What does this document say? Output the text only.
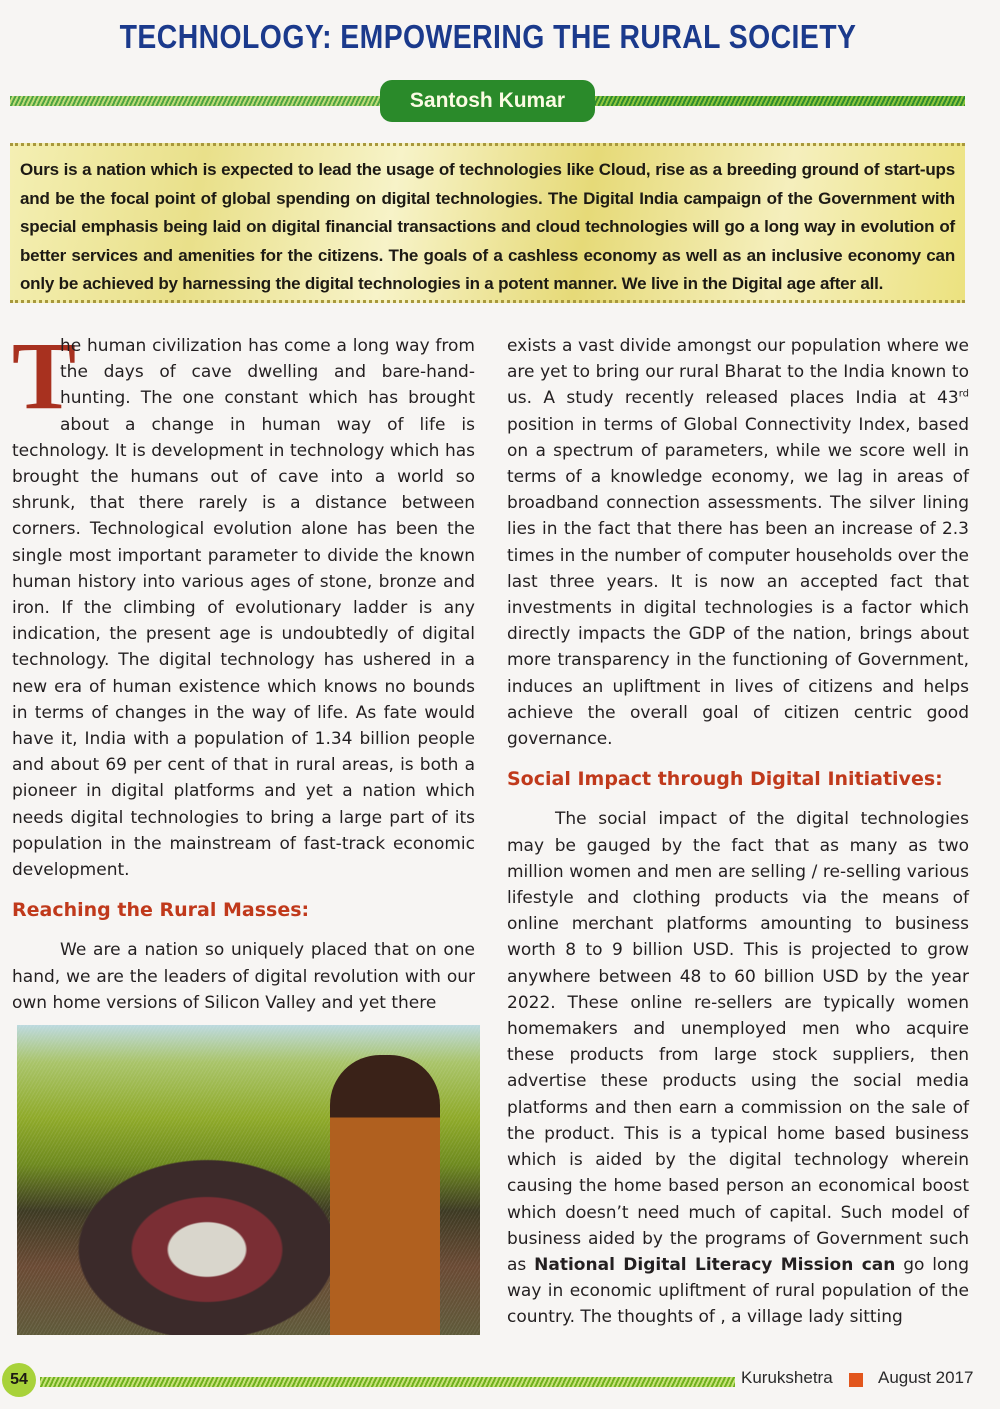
TECHNOLOGY: EMPOWERING THE RURAL SOCIETY
Santosh Kumar

Ours is a nation which is expected to lead the usage of technologies like Cloud, rise as a breeding ground of start-ups and be the focal point of global spending on digital technologies. The Digital India campaign of the Government with special emphasis being laid on digital financial transactions and cloud technologies will go a long way in evolution of better services and amenities for the citizens. The goals of a cashless economy as well as an inclusive economy can only be achieved by harnessing the digital technologies in a potent manner. We live in the Digital age after all.

T
he human civilization has come a long way from the days of cave dwelling and bare-hand-hunting. The one constant which has brought about a change in human way of life is technology. It is development in technology which has brought the humans out of cave into a world so shrunk, that there rarely is a distance between corners. Technological evolution alone has been the single most important parameter to divide the known human history into various ages of stone, bronze and iron. If the climbing of evolutionary ladder is any indication, the present age is undoubtedly of digital technology. The digital technology has ushered in a new era of human existence which knows no bounds in terms of changes in the way of life. As fate would have it, India with a population of 1.34 billion people and about 69 per cent of that in rural areas, is both a pioneer in digital platforms and yet a nation which needs digital technologies to bring a large part of its population in the mainstream of fast-track economic development.

Reaching the Rural Masses:

We are a nation so uniquely placed that on one hand, we are the leaders of digital revolution with our own home versions of Silicon Valley and yet there

exists a vast divide amongst our population where we are yet to bring our rural Bharat to the India known to us. A study recently released places India at 43rd position in terms of Global Connectivity Index, based on a spectrum of parameters, while we score well in terms of a knowledge economy, we lag in areas of broadband connection assessments. The silver lining lies in the fact that there has been an increase of 2.3 times in the number of computer households over the last three years. It is now an accepted fact that investments in digital technologies is a factor which directly impacts the GDP of the nation, brings about more transparency in the functioning of Government, induces an upliftment in lives of citizens and helps achieve the overall goal of citizen centric good governance.

Social Impact through Digital Initiatives:

The social impact of the digital technologies may be gauged by the fact that as many as two million women and men are selling / re-selling various lifestyle and clothing products via the means of online merchant platforms amounting to business worth 8 to 9 billion USD. This is projected to grow anywhere between 48 to 60 billion USD by the year 2022. These online re-sellers are typically women homemakers and unemployed men who acquire these products from large stock suppliers, then advertise these products using the social media platforms and then earn a commission on the sale of the product. This is a typical home based business which is aided by the digital technology wherein causing the home based person an economical boost which doesn’t need much of capital. Such model of business aided by the programs of Government such as National Digital Literacy Mission can go long way in economic upliftment of rural population of the country. The thoughts of , a village lady sitting

54	Kurukshetra	August 2017
